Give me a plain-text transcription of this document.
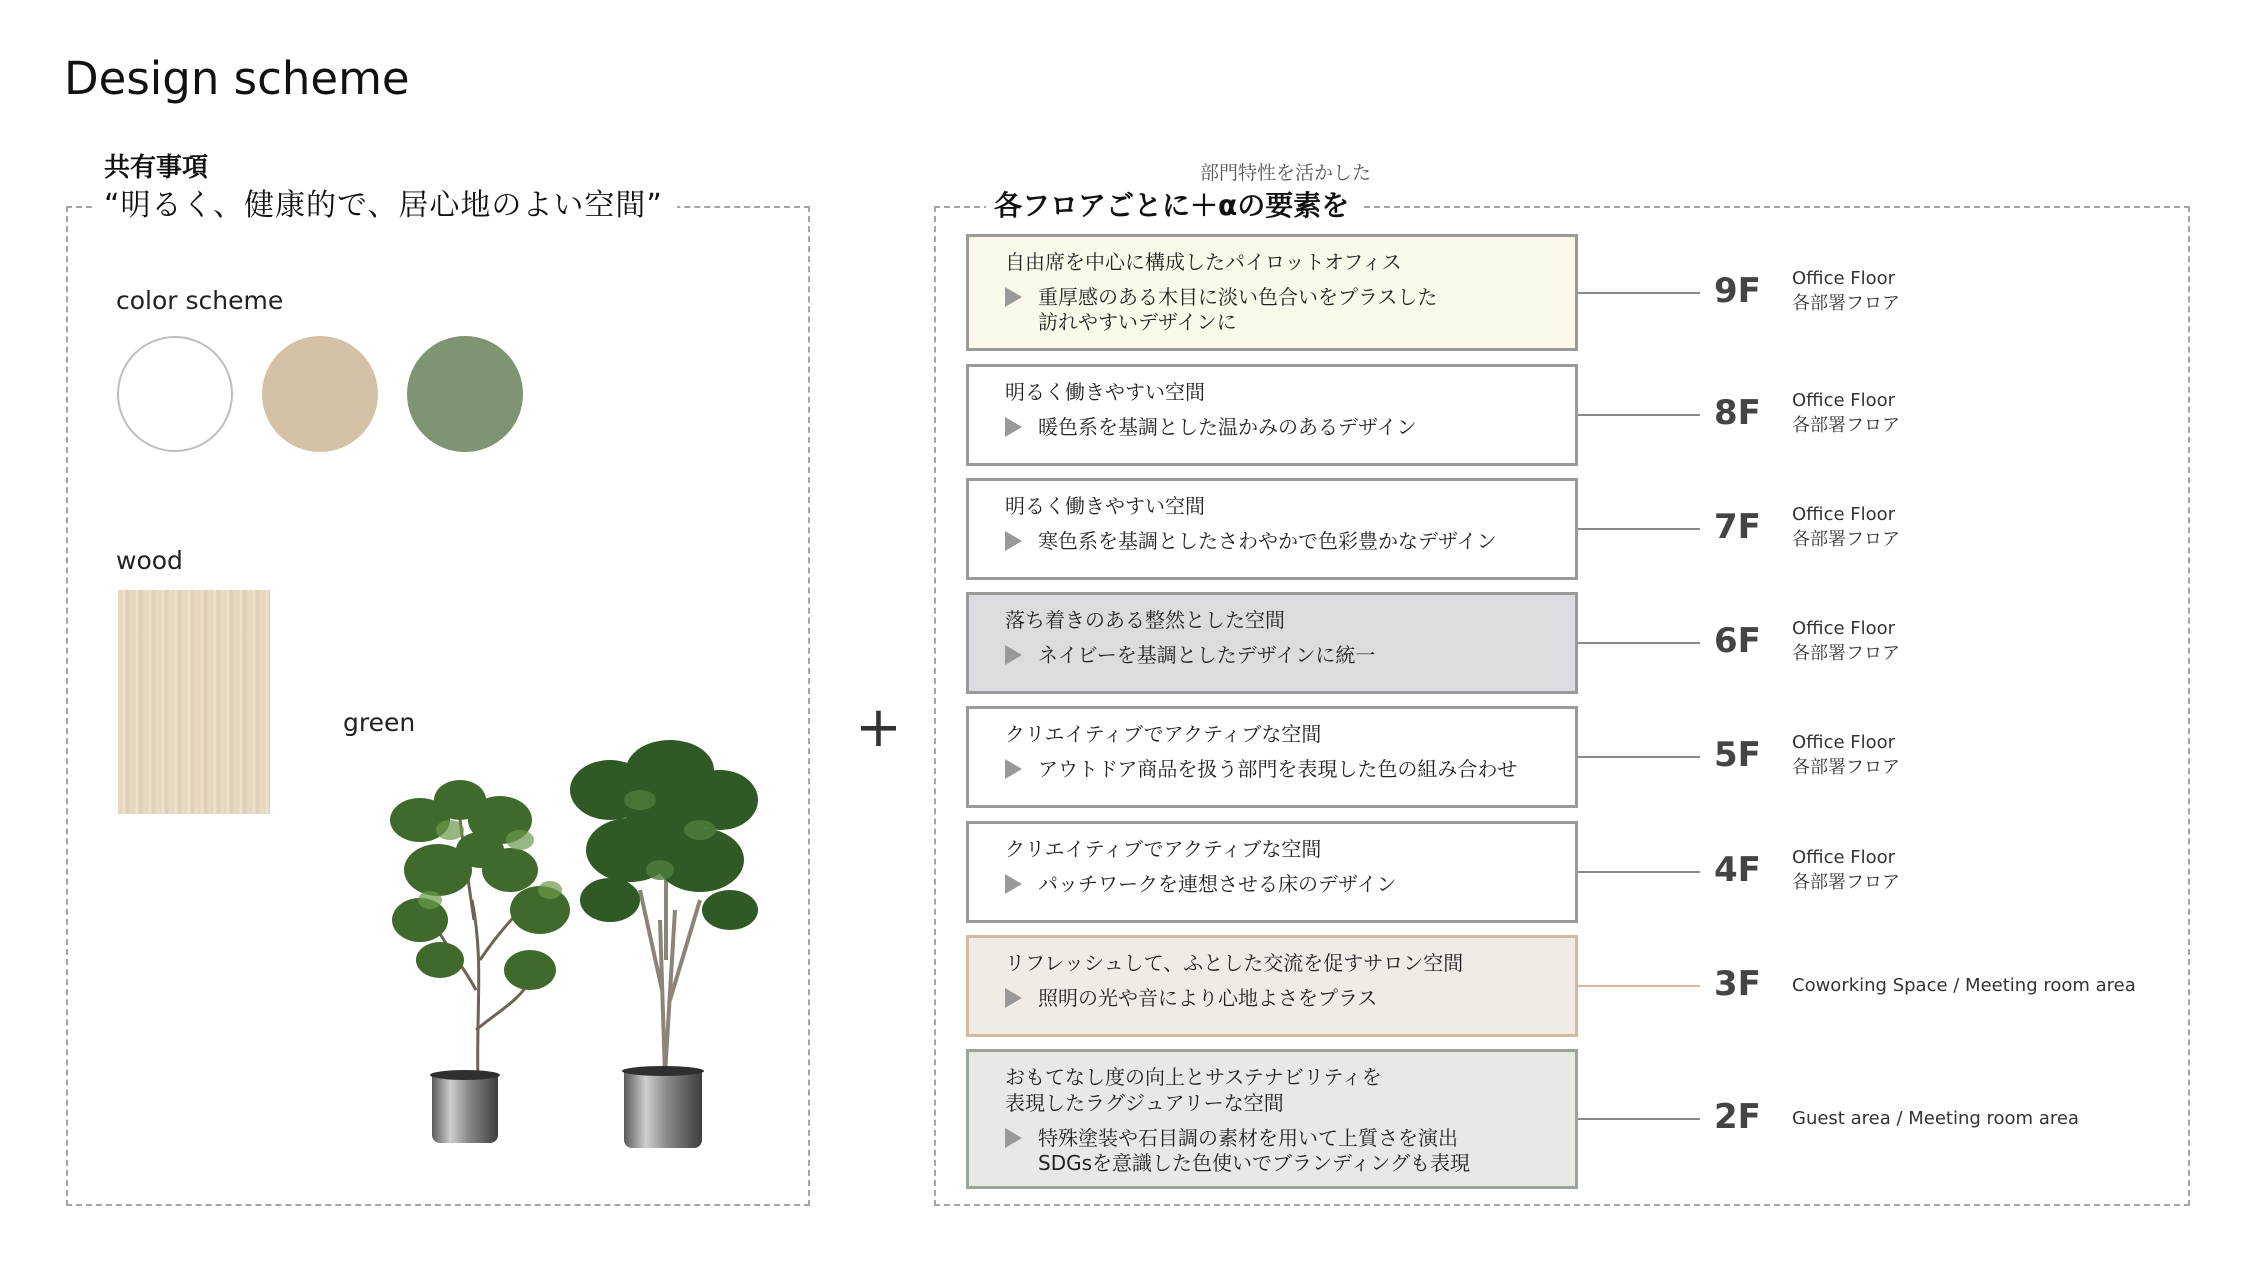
Design scheme
共有事項
“明るく、健康的で、居心地のよい空間”
color scheme
wood
green	+
部門特性を活かした
各フロアごとに＋αの要素を
自由席を中心に構成したパイロットオフィス
重厚感のある木目に淡い色合いをプラスした
訪れやすいデザインに
9F Office Floor
各部署フロア
明るく働きやすい空間
暖色系を基調とした温かみのあるデザイン	8F Office Floor
各部署フロア
明るく働きやすい空間
寒色系を基調としたさわやかで色彩豊かなデザイン	7F Office Floor
各部署フロア
落ち着きのある整然とした空間
ネイビーを基調としたデザインに統一	6F Office Floor
各部署フロア
クリエイティブでアクティブな空間
アウトドア商品を扱う部門を表現した色の組み合わせ	5F Office Floor
各部署フロア
クリエイティブでアクティブな空間
パッチワークを連想させる床のデザイン	4F Office Floor
各部署フロア
リフレッシュして、ふとした交流を促すサロン空間
照明の光や音により心地よさをプラス	3F Coworking Space / Meeting room area
おもてなし度の向上とサステナビリティを
表現したラグジュアリーな空間
特殊塗装や石目調の素材を用いて上質さを演出
SDGsを意識した色使いでブランディングも表現
2F Guest area / Meeting room area
